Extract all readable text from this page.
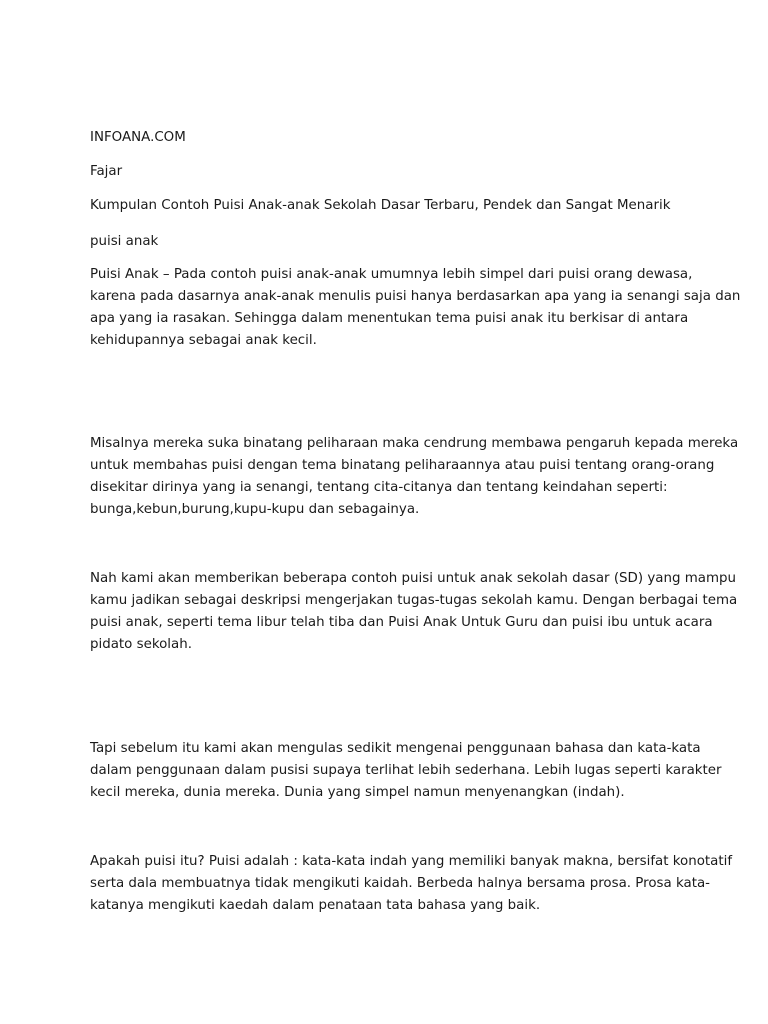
INFOANA.COM
Fajar
Kumpulan Contoh Puisi Anak-anak Sekolah Dasar Terbaru, Pendek dan Sangat Menarik
puisi anak
Puisi Anak – Pada contoh puisi anak-anak umumnya lebih simpel dari puisi orang dewasa,
karena pada dasarnya anak-anak menulis puisi hanya berdasarkan apa yang ia senangi saja dan
apa yang ia rasakan. Sehingga dalam menentukan tema puisi anak itu berkisar di antara
kehidupannya sebagai anak kecil.
Misalnya mereka suka binatang peliharaan maka cendrung membawa pengaruh kepada mereka
untuk membahas puisi dengan tema binatang peliharaannya atau puisi tentang orang-orang
disekitar dirinya yang ia senangi, tentang cita-citanya dan tentang keindahan seperti:
bunga,kebun,burung,kupu-kupu dan sebagainya.
Nah kami akan memberikan beberapa contoh puisi untuk anak sekolah dasar (SD) yang mampu
kamu jadikan sebagai deskripsi mengerjakan tugas-tugas sekolah kamu. Dengan berbagai tema
puisi anak, seperti tema libur telah tiba dan Puisi Anak Untuk Guru dan puisi ibu untuk acara
pidato sekolah.
Tapi sebelum itu kami akan mengulas sedikit mengenai penggunaan bahasa dan kata-kata
dalam penggunaan dalam pusisi supaya terlihat lebih sederhana. Lebih lugas seperti karakter
kecil mereka, dunia mereka. Dunia yang simpel namun menyenangkan (indah).
Apakah puisi itu? Puisi adalah : kata-kata indah yang memiliki banyak makna, bersifat konotatif
serta dala membuatnya tidak mengikuti kaidah. Berbeda halnya bersama prosa. Prosa kata-
katanya mengikuti kaedah dalam penataan tata bahasa yang baik.
